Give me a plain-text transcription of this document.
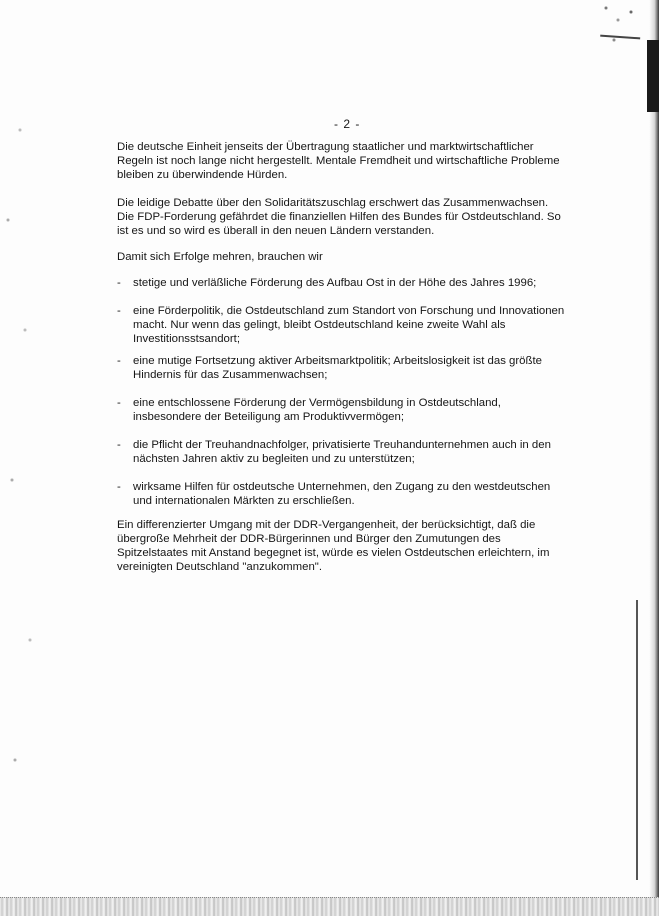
- 2 -

Die deutsche Einheit jenseits der Übertragung staatlicher und marktwirtschaftlicher Regeln ist noch lange nicht hergestellt. Mentale Fremdheit und wirtschaftliche Probleme bleiben zu überwindende Hürden.

Die leidige Debatte über den Solidaritätszuschlag erschwert das Zusammenwachsen. Die FDP-Forderung gefährdet die finanziellen Hilfen des Bundes für Ostdeutschland. So ist es und so wird es überall in den neuen Ländern verstanden.

Damit sich Erfolge mehren, brauchen wir

-	stetige und verläßliche Förderung des Aufbau Ost in der Höhe des Jahres 1996;
-	eine Förderpolitik, die Ostdeutschland zum Standort von Forschung und Innovationen macht. Nur wenn das gelingt, bleibt Ostdeutschland keine zweite Wahl als Investitionsstsandort;
-	eine mutige Fortsetzung aktiver Arbeitsmarktpolitik; Arbeitslosigkeit ist das größte Hindernis für das Zusammenwachsen;
-	eine entschlossene Förderung der Vermögensbildung in Ostdeutschland, insbesondere der Beteiligung am Produktivvermögen;
-	die Pflicht der Treuhandnachfolger, privatisierte Treuhandunternehmen auch in den nächsten Jahren aktiv zu begleiten und zu unterstützen;
-	wirksame Hilfen für ostdeutsche Unternehmen, den Zugang zu den westdeutschen und internationalen Märkten zu erschließen.

Ein differenzierter Umgang mit der DDR-Vergangenheit, der berücksichtigt, daß die übergroße Mehrheit der DDR-Bürgerinnen und Bürger den Zumutungen des Spitzelstaates mit Anstand begegnet ist, würde es vielen Ostdeutschen erleichtern, im vereinigten Deutschland "anzukommen".
